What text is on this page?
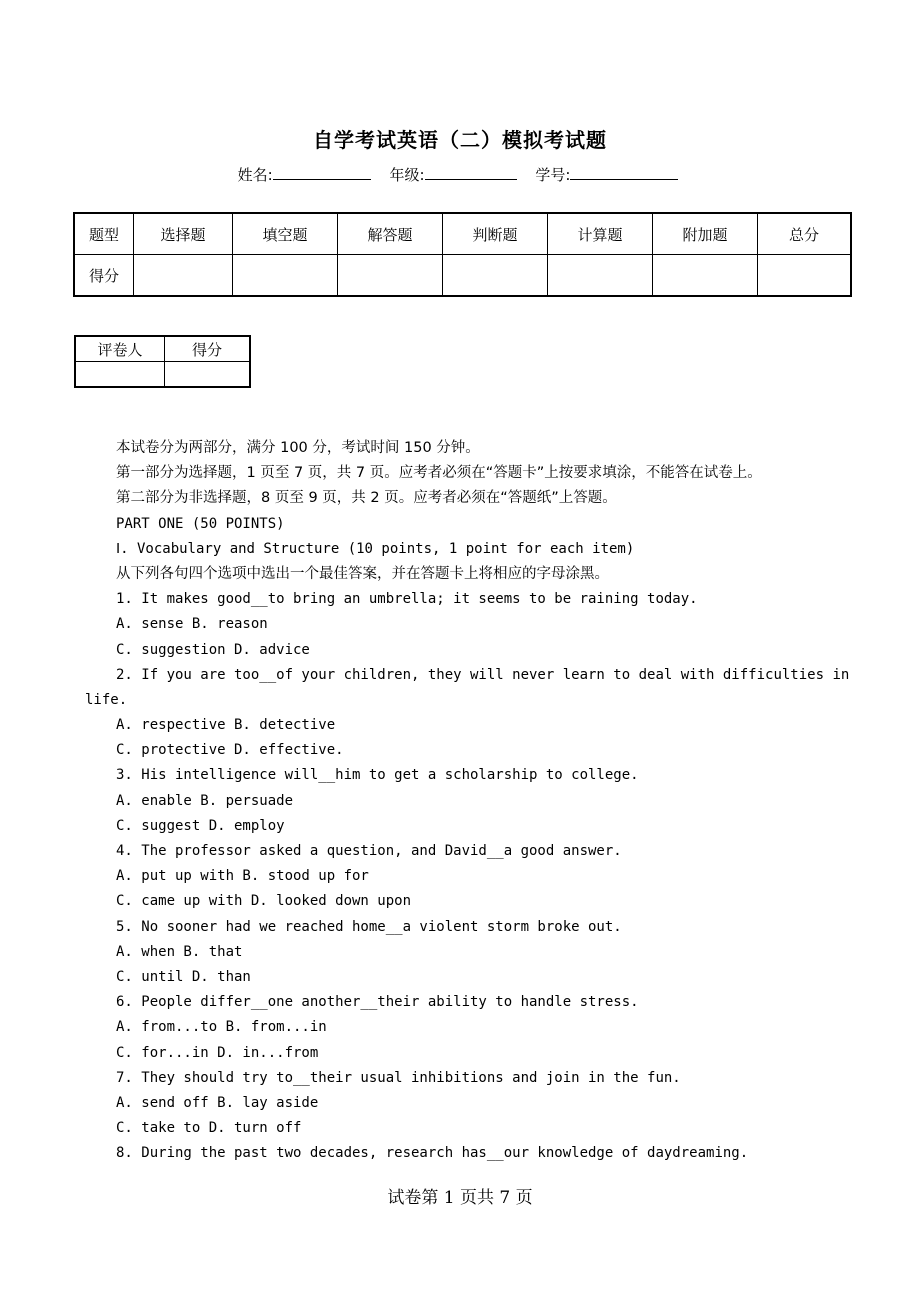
自学考试英语（二）模拟考试题
姓名:	年级:	学号:
题型	选择题	填空题	解答题	判断题	计算题	附加题	总分
得分							
评卷人	得分

本试卷分为两部分，满分 100 分，考试时间 150 分钟。
第一部分为选择题，1 页至 7 页，共 7 页。应考者必须在“答题卡”上按要求填涂，不能答在试卷上。
第二部分为非选择题，8 页至 9 页，共 2 页。应考者必须在“答题纸”上答题。
PART ONE (50 POINTS)
Ⅰ. Vocabulary and Structure (10 points, 1 point for each item)
从下列各句四个选项中选出一个最佳答案，并在答题卡上将相应的字母涂黑。
1. It makes good__to bring an umbrella; it seems to be raining today.
A. sense B. reason
C. suggestion D. advice
2. If you are too__of your children, they will never learn to deal with difficulties in
life.
A. respective B. detective
C. protective D. effective.
3. His intelligence will__him to get a scholarship to college.
A. enable B. persuade
C. suggest D. employ
4. The professor asked a question, and David__a good answer.
A. put up with B. stood up for
C. came up with D. looked down upon
5. No sooner had we reached home__a violent storm broke out.
A. when B. that
C. until D. than
6. People differ__one another__their ability to handle stress.
A. from...to B. from...in
C. for...in D. in...from
7. They should try to__their usual inhibitions and join in the fun.
A. send off B. lay aside
C. take to D. turn off
8. During the past two decades, research has__our knowledge of daydreaming.
试卷第 1 页共 7 页
